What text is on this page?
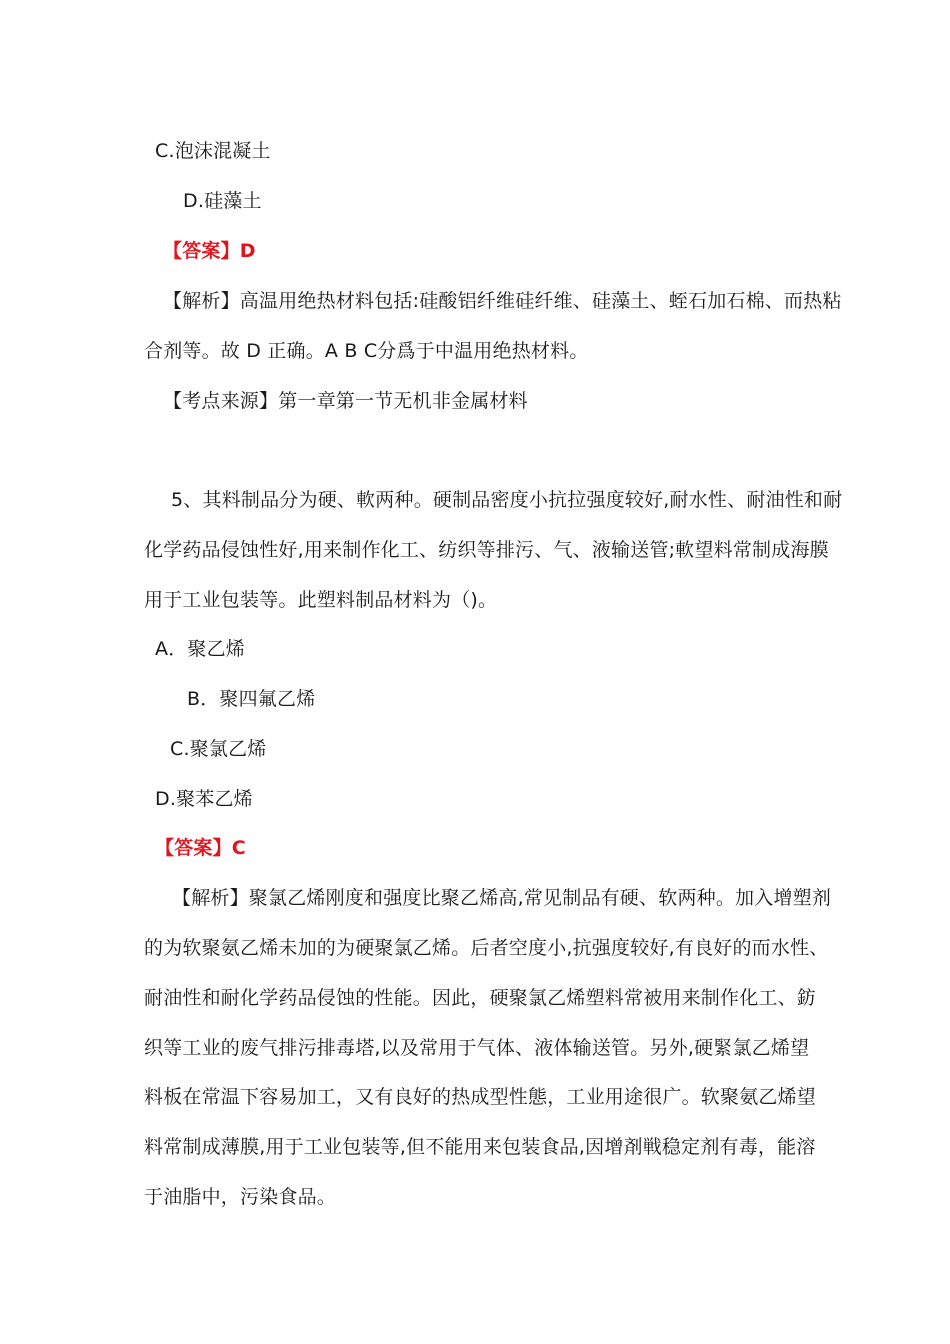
C.泡沫混凝土
D.硅藻土
【答案】D
【解析】高温用绝热材料包括:硅酸铝纤维硅纤维、硅藻土、蛭石加石棉、而热粘
合剂等。故 D 正确。A B C分爲于中温用绝热材料。
【考点来源】第一章第一节无机非金属材料
5、其料制品分为硬、軟两种。硬制品密度小抗拉强度较好,耐水性、耐油性和耐
化学药品侵蚀性好,用来制作化工、纺织等排污、气、液输送管;軟望料常制成海膜
用于工业包装等。此塑料制品材料为（)。
A．聚乙烯
B．聚四氟乙烯
C.聚氯乙烯
D.聚苯乙烯
【答案】C
【解析】聚氯乙烯刚度和强度比聚乙烯高,常见制品有硬、软两种。加入增塑剂
的为软聚氨乙烯未加的为硬聚氯乙烯。后者空度小,抗强度较好,有良好的而水性、
耐油性和耐化学药品侵蚀的性能。因此，硬聚氯乙烯塑料常被用来制作化工、鈁
织等工业的废气排污排毒塔,以及常用于气体、液体输送管。另外,硬緊氯乙烯望
料板在常温下容易加工，又有良好的热成型性態，工业用途很广。软聚氨乙烯望
料常制成薄膜,用于工业包装等,但不能用来包装食品,因增剤戦稳定剂有毒，能溶
于油脂中，污染食品。
